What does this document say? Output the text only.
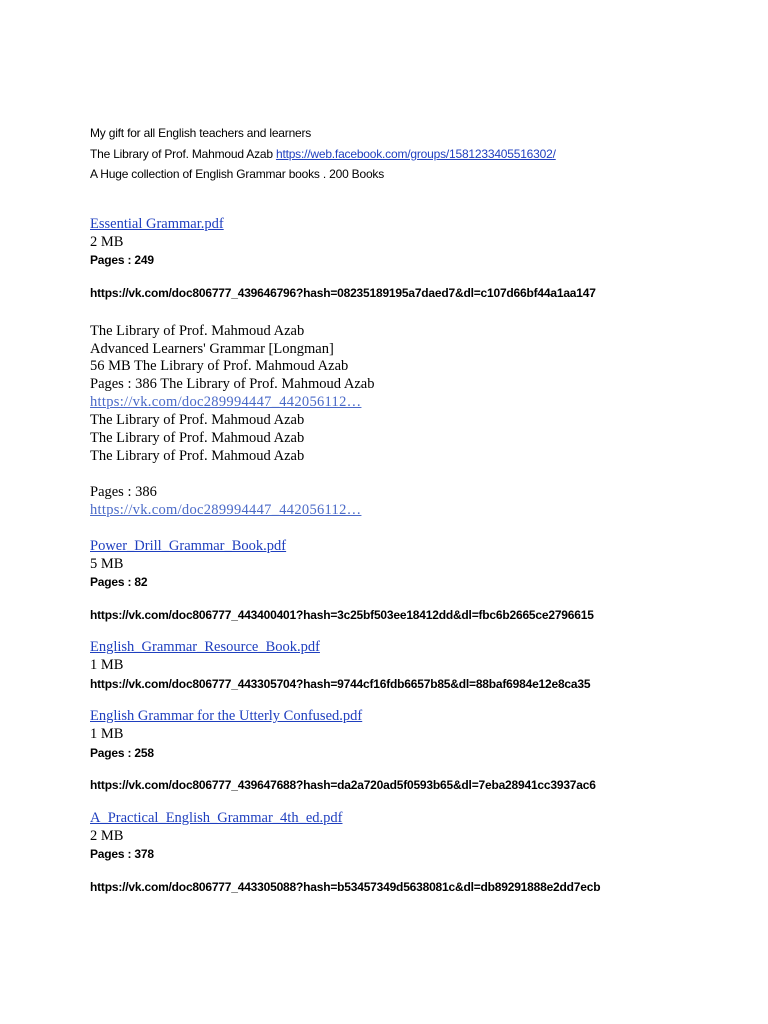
My gift for all English teachers and learners

The Library of Prof. Mahmoud Azab https://web.facebook.com/groups/1581233405516302/

A Huge collection of English Grammar books . 200 Books

Essential Grammar.pdf

2 MB

Pages : 249

https://vk.com/doc806777_439646796?hash=08235189195a7daed7&dl=c107d66bf44a1aa147

The Library of Prof. Mahmoud Azab

Advanced Learners' Grammar [Longman]

56 MB The Library of Prof. Mahmoud Azab

Pages : 386 The Library of Prof. Mahmoud Azab

https://vk.com/doc289994447_442056112…

The Library of Prof. Mahmoud Azab

The Library of Prof. Mahmoud Azab

The Library of Prof. Mahmoud Azab

Pages : 386

https://vk.com/doc289994447_442056112…

Power_Drill_Grammar_Book.pdf

5 MB

Pages : 82

https://vk.com/doc806777_443400401?hash=3c25bf503ee18412dd&dl=fbc6b2665ce2796615

English_Grammar_Resource_Book.pdf

1 MB

https://vk.com/doc806777_443305704?hash=9744cf16fdb6657b85&dl=88baf6984e12e8ca35

English Grammar for the Utterly Confused.pdf

1 MB

Pages : 258

https://vk.com/doc806777_439647688?hash=da2a720ad5f0593b65&dl=7eba28941cc3937ac6

A_Practical_English_Grammar_4th_ed.pdf

2 MB

Pages : 378

https://vk.com/doc806777_443305088?hash=b53457349d5638081c&dl=db89291888e2dd7ecb
